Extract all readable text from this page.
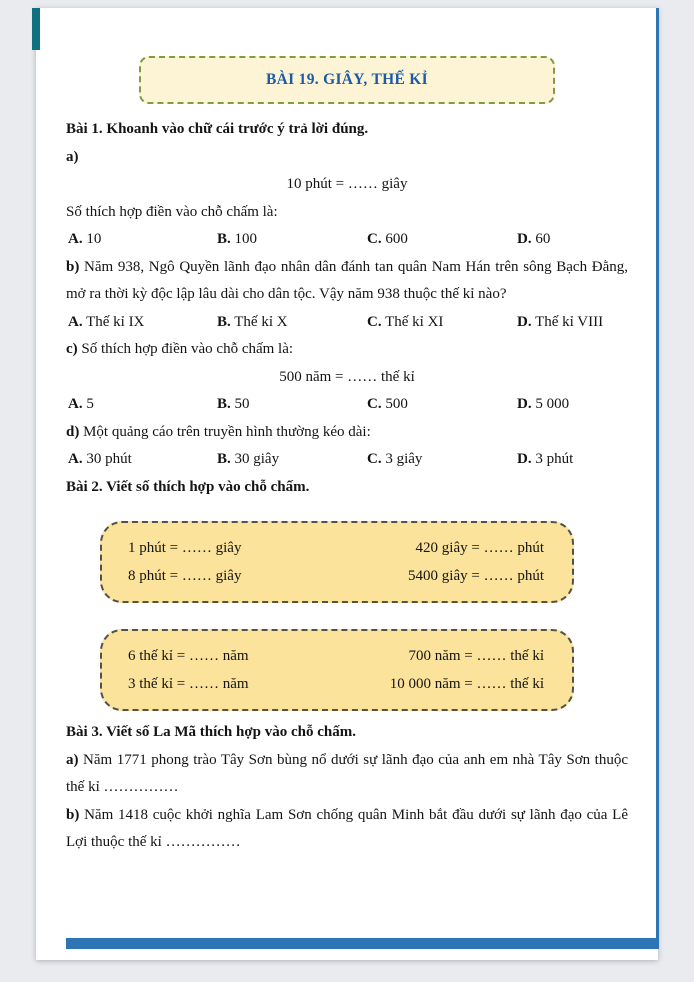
BÀI 19. GIÂY, THẾ KỈ

Bài 1. Khoanh vào chữ cái trước ý trả lời đúng.

a)

10 phút = …… giây

Số thích hợp điền vào chỗ chấm là:

A. 10	B. 100	C. 600	D. 60

b) Năm 938, Ngô Quyền lãnh đạo nhân dân đánh tan quân Nam Hán trên sông Bạch Đằng, mở ra thời kỳ độc lập lâu dài cho dân tộc. Vậy năm 938 thuộc thế kỉ nào?

A. Thế kỉ IX	B. Thế kỉ X	C. Thế kỉ XI	D. Thế kỉ VIII

c) Số thích hợp điền vào chỗ chấm là:

500 năm = …… thế kỉ

A. 5	B. 50	C. 500	D. 5 000

d) Một quảng cáo trên truyền hình thường kéo dài:

A. 30 phút	B. 30 giây	C. 3 giây	D. 3 phút

Bài 2. Viết số thích hợp vào chỗ chấm.

1 phút = …… giây	420 giây = …… phút
8 phút = …… giây	5400 giây = …… phút
6 thế kỉ = …… năm	700 năm = …… thế kỉ
3 thế kỉ = …… năm	10 000 năm = …… thế kỉ

Bài 3. Viết số La Mã thích hợp vào chỗ chấm.

a) Năm 1771 phong trào Tây Sơn bùng nổ dưới sự lãnh đạo của anh em nhà Tây Sơn thuộc thế kỉ ……………

b) Năm 1418 cuộc khởi nghĩa Lam Sơn chống quân Minh bắt đầu dưới sự lãnh đạo của Lê Lợi thuộc thế kỉ ……………
